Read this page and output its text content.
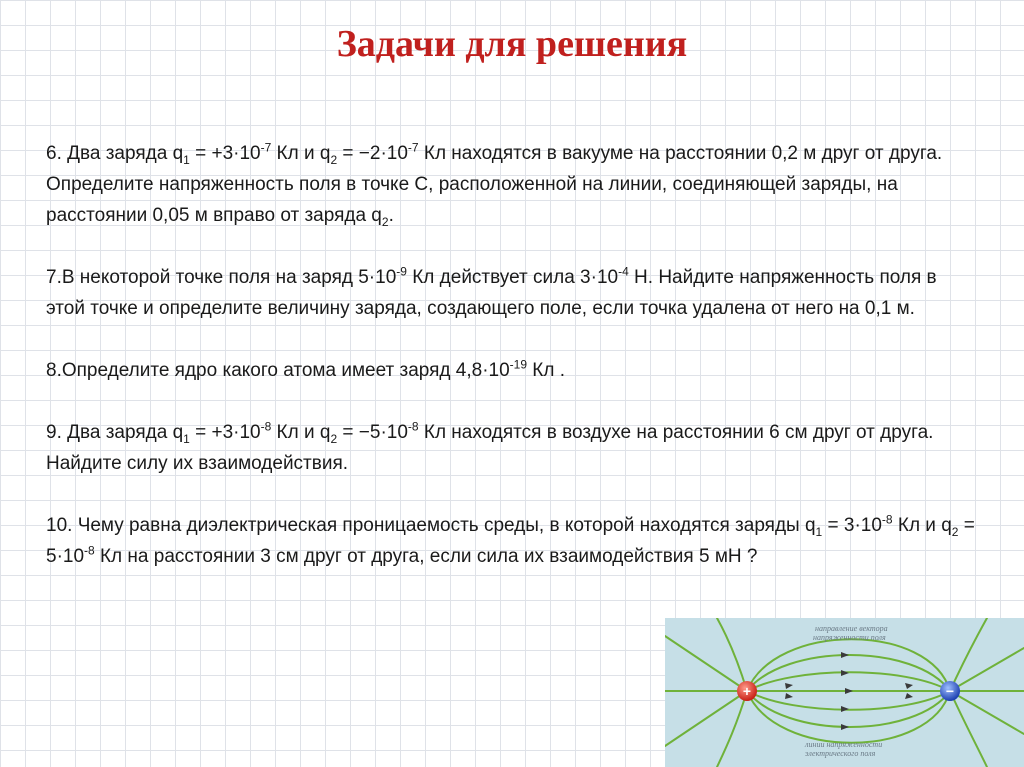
Задачи для решения

6. Два заряда $q_1 = +3\cdot 10^{-7}$ Кл и $q_2 = -2\cdot 10^{-7}$ Кл находятся в вакууме на расстоянии 0,2 м друг от друга. Определите напряженность поля в точке С, расположенной на линии, соединяющей заряды, на расстоянии 0,05 м вправо от заряда $q_2$.

7.В некоторой точке поля на заряд $5\cdot 10^{-9}$ Кл действует сила $3\cdot 10^{-4}$ Н. Найдите напряженность поля в этой точке и определите величину заряда, создающего поле, если точка удалена от него на 0,1 м.

8.Определите ядро какого атома имеет заряд $4,8\cdot 10^{-19}$ Кл .

9. Два заряда $q_1 = +3\cdot 10^{-8}$ Кл и $q_2 = -5\cdot 10^{-8}$ Кл находятся в воздухе на расстоянии 6 см друг от друга. Найдите силу их взаимодействия.

10. Чему равна диэлектрическая проницаемость среды, в которой находятся заряды $q_1 = 3\cdot 10^{-8}$ Кл и $q_2 = 5\cdot 10^{-8}$ Кл на расстоянии 3 см друг от друга, если сила их взаимодействия 5 мН ?

направление вектора
напряженности поля
линии напряженности
электрического поля
+	−
